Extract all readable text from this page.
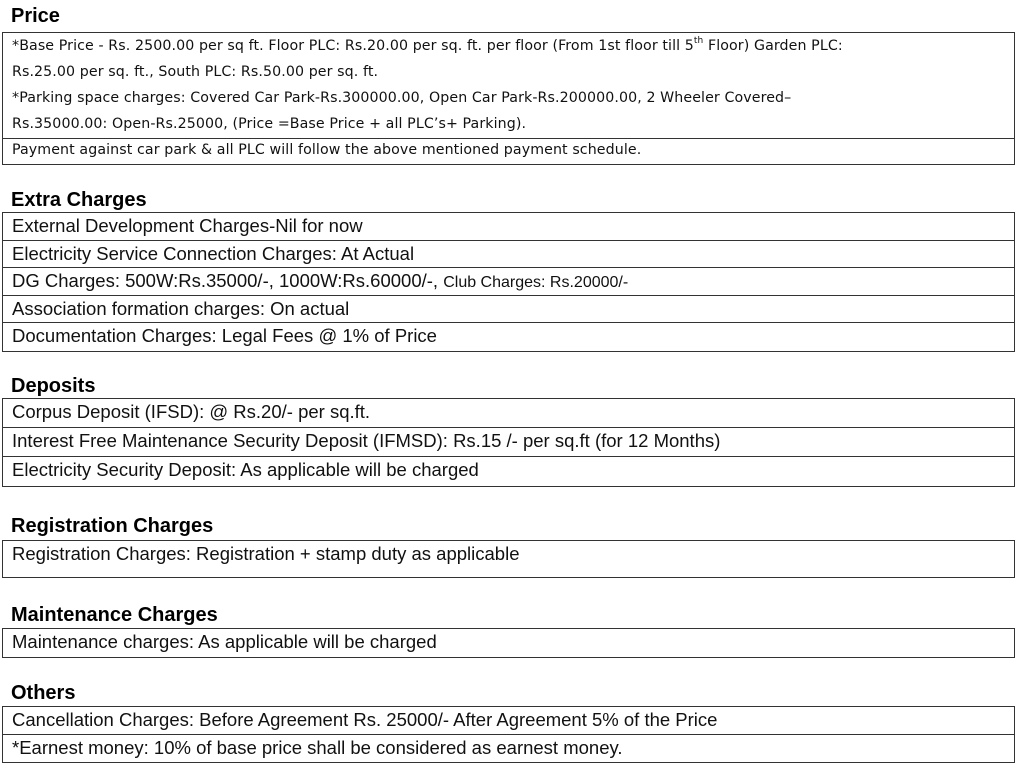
Price
*Base Price - Rs. 2500.00 per sq ft. Floor PLC: Rs.20.00 per sq. ft. per floor (From 1st floor till 5th Floor) Garden PLC:
Rs.25.00 per sq. ft., South PLC: Rs.50.00 per sq. ft.
*Parking space charges: Covered Car Park-Rs.300000.00, Open Car Park-Rs.200000.00, 2 Wheeler Covered–
Rs.35000.00: Open-Rs.25000, (Price =Base Price + all PLC’s+ Parking).
Payment against car park & all PLC will follow the above mentioned payment schedule.
Extra Charges
External Development Charges-Nil for now
Electricity Service Connection Charges: At Actual
DG Charges: 500W:Rs.35000/-, 1000W:Rs.60000/-, Club Charges: Rs.20000/-
Association formation charges: On actual
Documentation Charges: Legal Fees @ 1% of Price
Deposits
Corpus Deposit (IFSD): @ Rs.20/- per sq.ft.
Interest Free Maintenance Security Deposit (IFMSD): Rs.15 /- per sq.ft (for 12 Months)
Electricity Security Deposit: As applicable will be charged
Registration Charges
Registration Charges: Registration + stamp duty as applicable
Maintenance Charges
Maintenance charges: As applicable will be charged
Others
Cancellation Charges: Before Agreement Rs. 25000/- After Agreement 5% of the Price
*Earnest money: 10% of base price shall be considered as earnest money.
